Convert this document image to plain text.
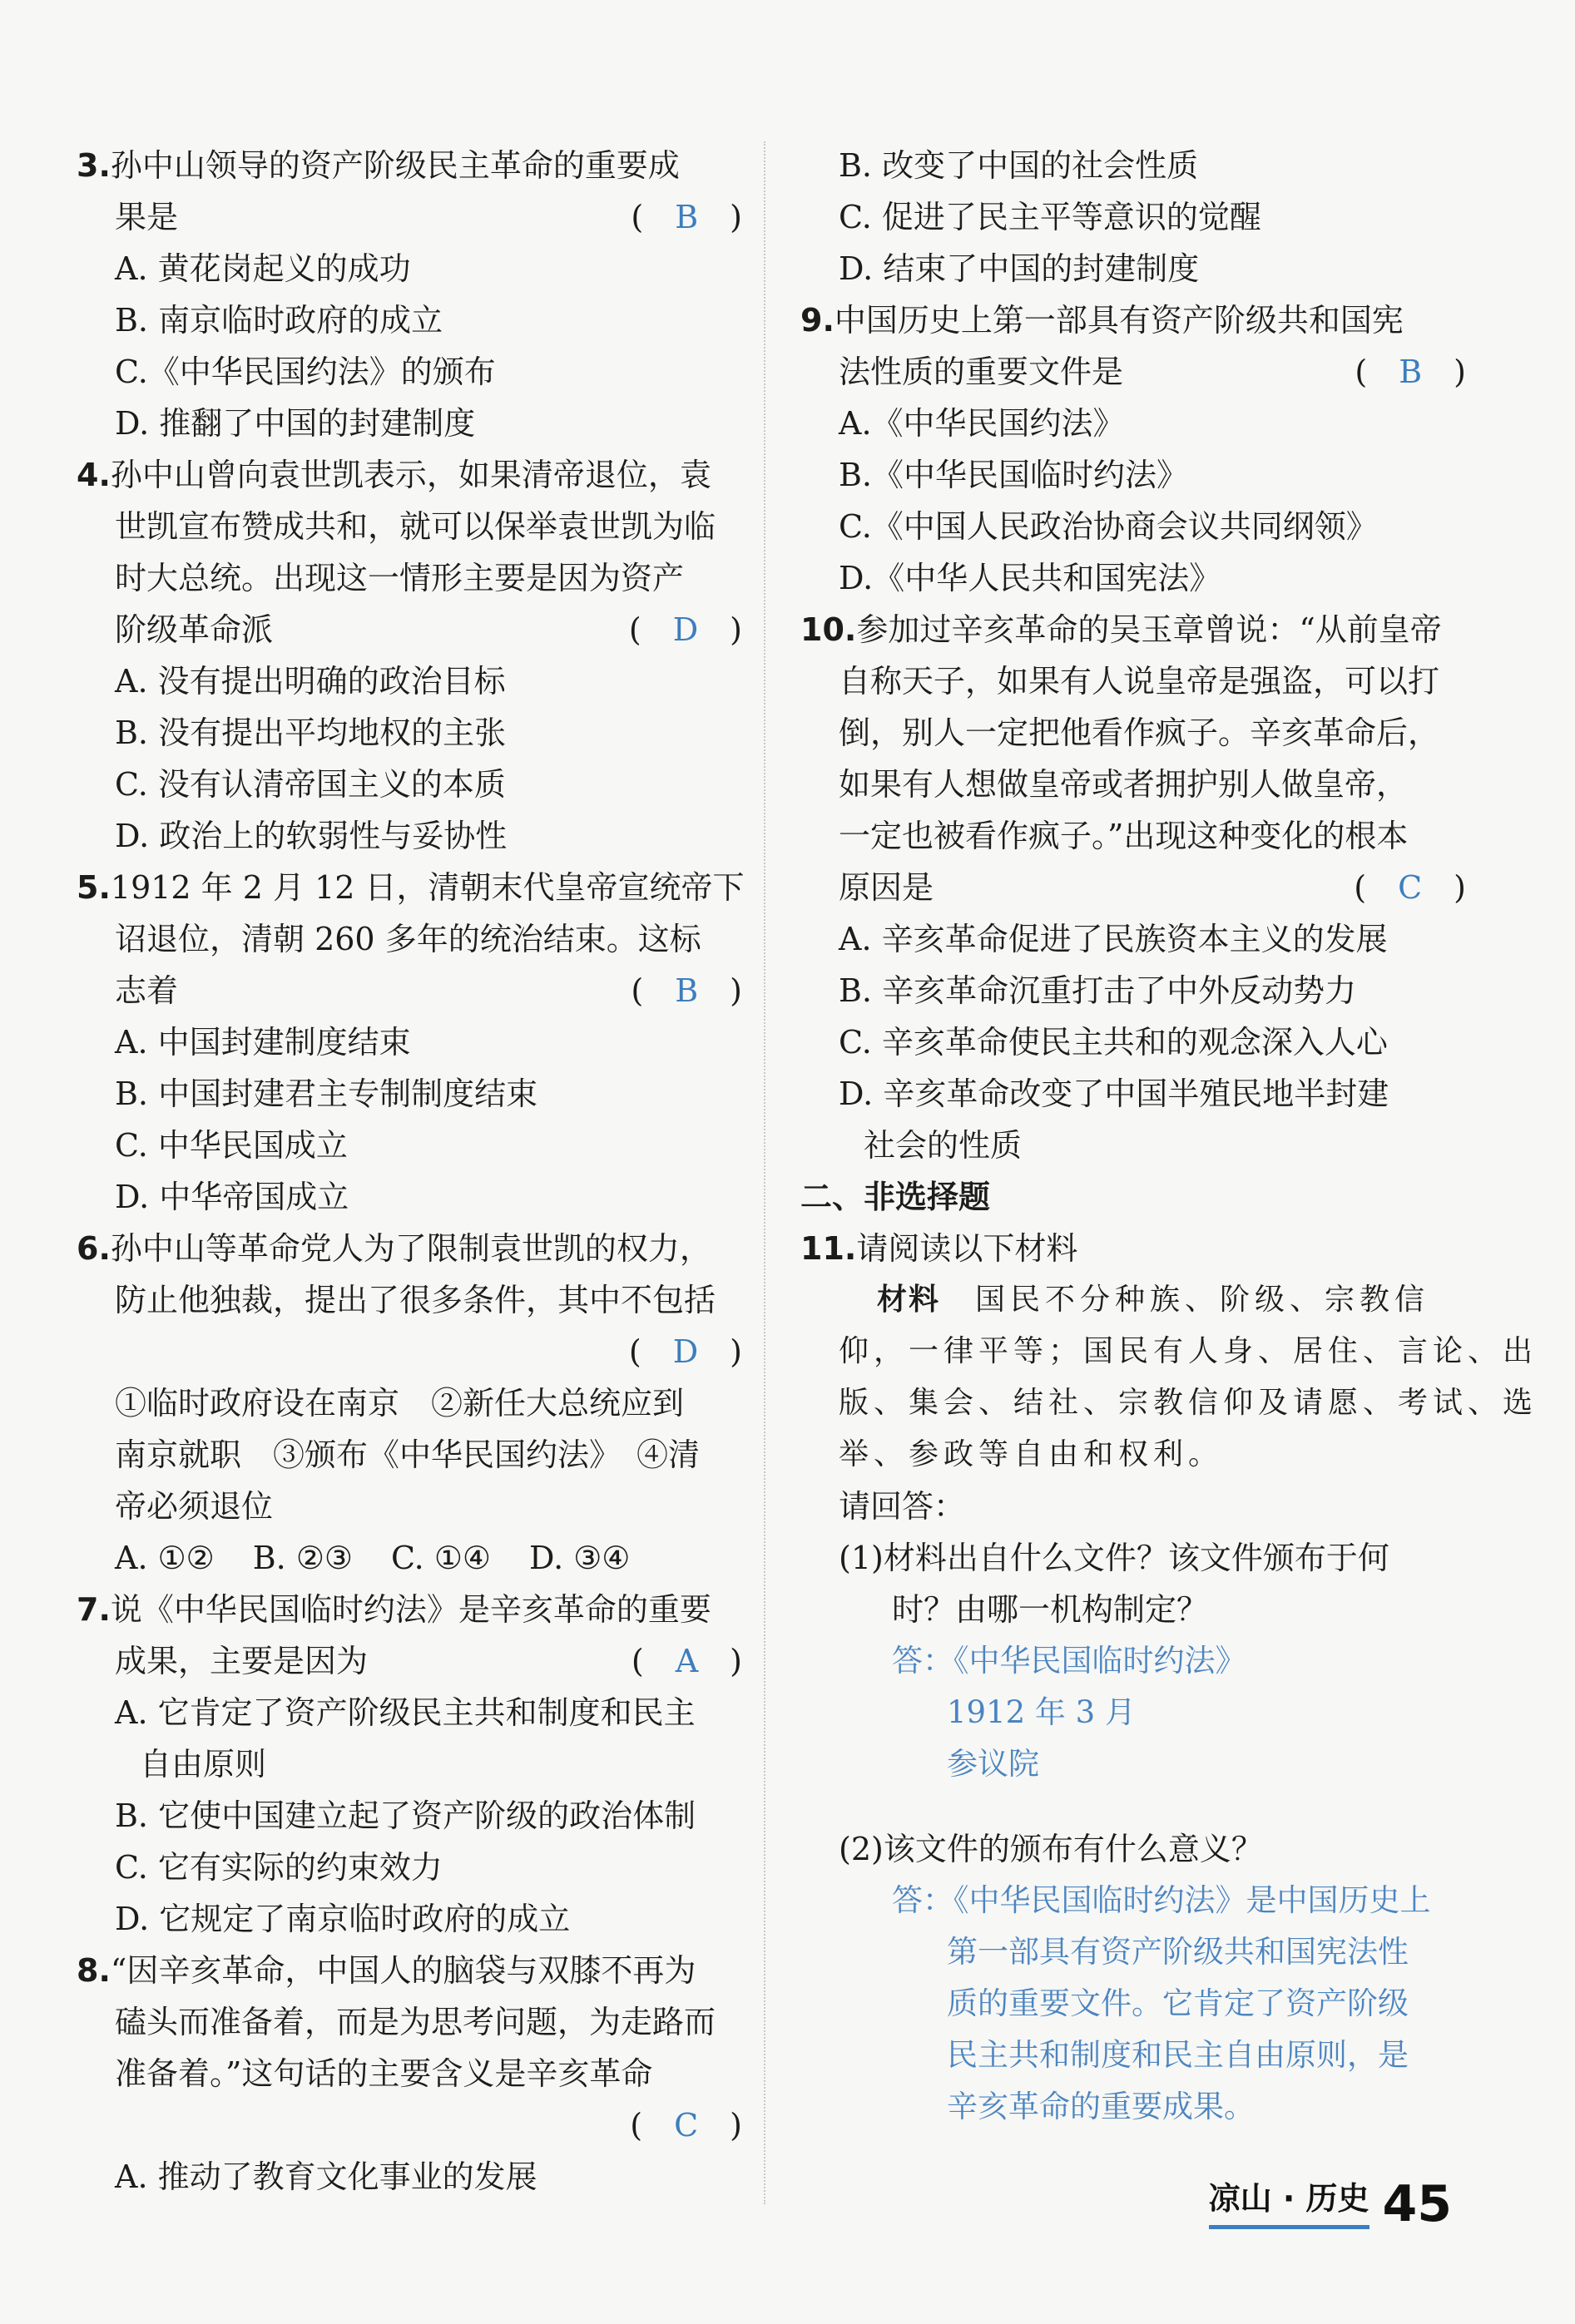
3.孙中山领导的资产阶级民主革命的重要成
果是	(　B　)
A. 黄花岗起义的成功
B. 南京临时政府的成立
C.《中华民国约法》的颁布
D. 推翻了中国的封建制度
4.孙中山曾向袁世凯表示，如果清帝退位，袁
世凯宣布赞成共和，就可以保举袁世凯为临
时大总统。出现这一情形主要是因为资产
阶级革命派	(　D　)
A. 没有提出明确的政治目标
B. 没有提出平均地权的主张
C. 没有认清帝国主义的本质
D. 政治上的软弱性与妥协性
5.1912 年 2 月 12 日，清朝末代皇帝宣统帝下
诏退位，清朝 260 多年的统治结束。这标
志着	(　B　)
A. 中国封建制度结束
B. 中国封建君主专制制度结束
C. 中华民国成立
D. 中华帝国成立
6.孙中山等革命党人为了限制袁世凯的权力，
防止他独裁，提出了很多条件，其中不包括
(　D　)
①临时政府设在南京　②新任大总统应到
南京就职　③颁布《中华民国约法》　④清
帝必须退位
A. ①② B. ②③ C. ①④ D. ③④
7.说《中华民国临时约法》是辛亥革命的重要
成果，主要是因为	(　A　)
A. 它肯定了资产阶级民主共和制度和民主
自由原则
B. 它使中国建立起了资产阶级的政治体制
C. 它有实际的约束效力
D. 它规定了南京临时政府的成立
8.“因辛亥革命，中国人的脑袋与双膝不再为
磕头而准备着，而是为思考问题，为走路而
准备着。”这句话的主要含义是辛亥革命
(　C　)
A. 推动了教育文化事业的发展
B. 改变了中国的社会性质
C. 促进了民主平等意识的觉醒
D. 结束了中国的封建制度
9.中国历史上第一部具有资产阶级共和国宪
法性质的重要文件是	(　B　)
A.《中华民国约法》
B.《中华民国临时约法》
C.《中国人民政治协商会议共同纲领》
D.《中华人民共和国宪法》
10.参加过辛亥革命的吴玉章曾说：“从前皇帝
自称天子，如果有人说皇帝是强盗，可以打
倒，别人一定把他看作疯子。辛亥革命后，
如果有人想做皇帝或者拥护别人做皇帝，
一定也被看作疯子。”出现这种变化的根本
原因是	(　C　)
A. 辛亥革命促进了民族资本主义的发展
B. 辛亥革命沉重打击了中外反动势力
C. 辛亥革命使民主共和的观念深入人心
D. 辛亥革命改变了中国半殖民地半封建
社会的性质
二、非选择题
11.请阅读以下材料
材料　 国民不分种族、阶级、宗教信
仰，一律平等；国民有人身、居住、言论、出
版、集会、结社、宗教信仰及请愿、考试、选
举、参政等自由和权利。
请回答：
(1)材料出自什么文件？该文件颁布于何
时？由哪一机构制定？
答：《中华民国临时约法》
1912 年 3 月
参议院
(2)该文件的颁布有什么意义？
答：《中华民国临时约法》是中国历史上
第一部具有资产阶级共和国宪法性
质的重要文件。它肯定了资产阶级
民主共和制度和民主自由原则，是
辛亥革命的重要成果。
凉山 · 历史 45
